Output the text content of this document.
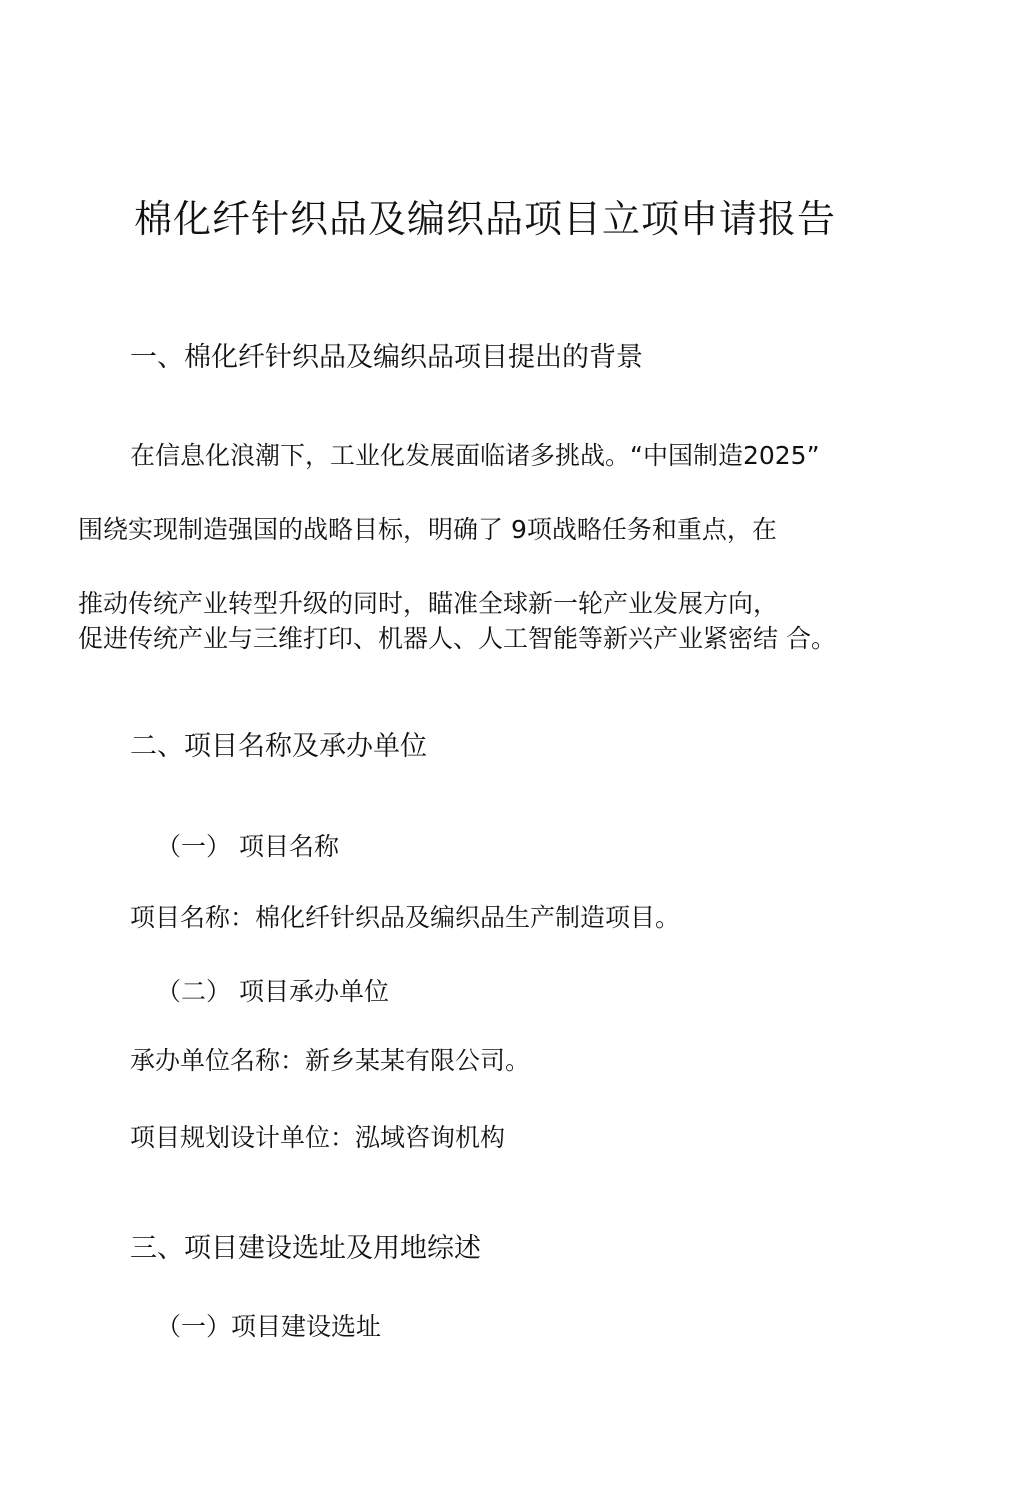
棉化纤针织品及编织品项目立项申请报告
一、棉化纤针织品及编织品项目提出的背景
在信息化浪潮下，工业化发展面临诸多挑战。“中国制造2025”
围绕实现制造强国的战略目标，明确了 9项战略任务和重点，在
推动传统产业转型升级的同时，瞄准全球新一轮产业发展方向，
促进传统产业与三维打印、机器人、人工智能等新兴产业紧密结 合。
二、项目名称及承办单位
（一） 项目名称
项目名称：棉化纤针织品及编织品生产制造项目。
（二） 项目承办单位
承办单位名称：新乡某某有限公司。
项目规划设计单位：泓域咨询机构
三、项目建设选址及用地综述
（一）项目建设选址
